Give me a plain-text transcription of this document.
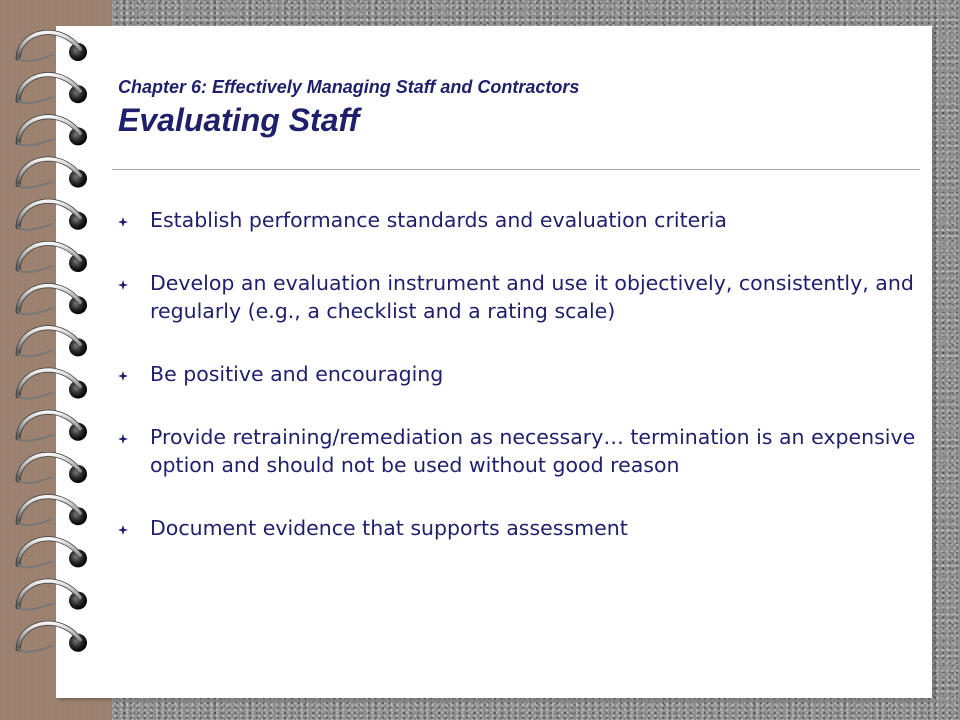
Chapter 6: Effectively Managing Staff and Contractors

Evaluating Staff
Establish performance standards and evaluation criteria
Develop an evaluation instrument and use it objectively, consistently, and regularly (e.g., a checklist and a rating scale)
Be positive and encouraging
Provide retraining/remediation as necessary… termination is an expensive option and should not be used without good reason
Document evidence that supports assessment
